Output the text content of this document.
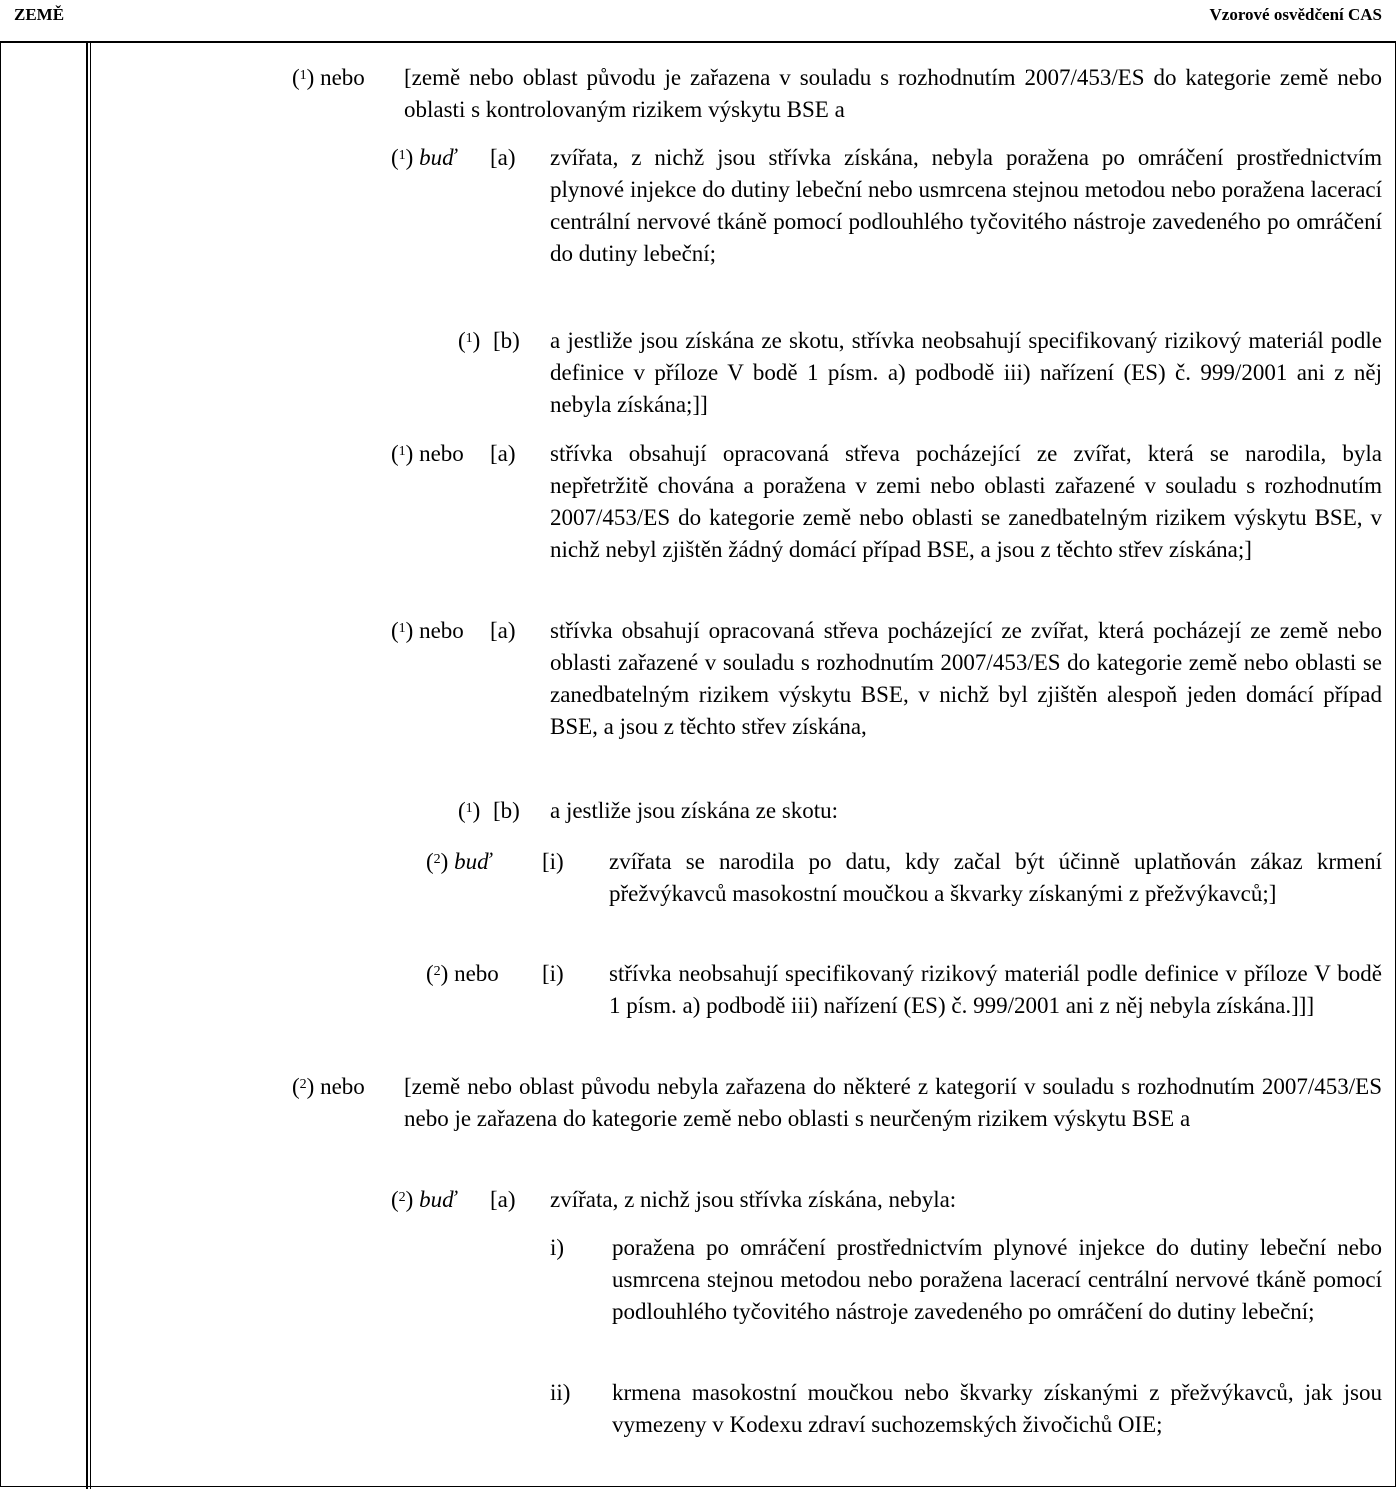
ZEMĚ	Vzorové osvědčení CAS
($^1$) nebo [země nebo oblast původu je zařazena v souladu s rozhodnutím 2007/453/ES do kategorie země nebo oblasti s kontrolovaným rizikem výskytu BSE a
($^1$) buď [a) zvířata, z nichž jsou střívka získána, nebyla poražena po omráčení prostřednictvím plynové injekce do dutiny lebeční nebo usmrcena stejnou metodou nebo poražena lacerací centrální nervové tkáně pomocí podlouhlého tyčovitého nástroje zavedeného po omráčení do dutiny lebeční;
($^1$) [b) a jestliže jsou získána ze skotu, střívka neobsahují specifikovaný rizikový materiál podle definice v příloze V bodě 1 písm. a) podbodě iii) nařízení (ES) č. 999/2001 ani z něj nebyla získána;]]
($^1$) nebo [a) střívka obsahují opracovaná střeva pocházející ze zvířat, která se narodila, byla nepřetržitě chována a poražena v zemi nebo oblasti zařazené v souladu s rozhodnutím 2007/453/ES do kategorie země nebo oblasti se zanedbatelným rizikem výskytu BSE, v nichž nebyl zjištěn žádný domácí případ BSE, a jsou z těchto střev získána;]
($^1$) nebo [a) střívka obsahují opracovaná střeva pocházející ze zvířat, která pocházejí ze země nebo oblasti zařazené v souladu s rozhodnutím 2007/453/ES do kategorie země nebo oblasti se zanedbatelným rizikem výskytu BSE, v nichž byl zjištěn alespoň jeden domácí případ BSE, a jsou z těchto střev získána,
($^1$) [b) a jestliže jsou získána ze skotu:
($^2$) buď [i) zvířata se narodila po datu, kdy začal být účinně uplatňován zákaz krmení přežvýkavců masokostní moučkou a škvarky získanými z přežvýkavců;]
($^2$) nebo [i) střívka neobsahují specifikovaný rizikový materiál podle definice v příloze V bodě 1 písm. a) podbodě iii) nařízení (ES) č. 999/2001 ani z něj nebyla získána.]]]
($^2$) nebo [země nebo oblast původu nebyla zařazena do některé z kategorií v souladu s rozhodnutím 2007/453/ES nebo je zařazena do kategorie země nebo oblasti s neurčeným rizikem výskytu BSE a
($^2$) buď [a) zvířata, z nichž jsou střívka získána, nebyla:
i) poražena po omráčení prostřednictvím plynové injekce do dutiny lebeční nebo usmrcena stejnou metodou nebo poražena lacerací centrální nervové tkáně pomocí podlouhlého tyčovitého nástroje zavedeného po omráčení do dutiny lebeční;
ii) krmena masokostní moučkou nebo škvarky získanými z přežvýkavců, jak jsou vymezeny v Kodexu zdraví suchozemských živočichů OIE;
